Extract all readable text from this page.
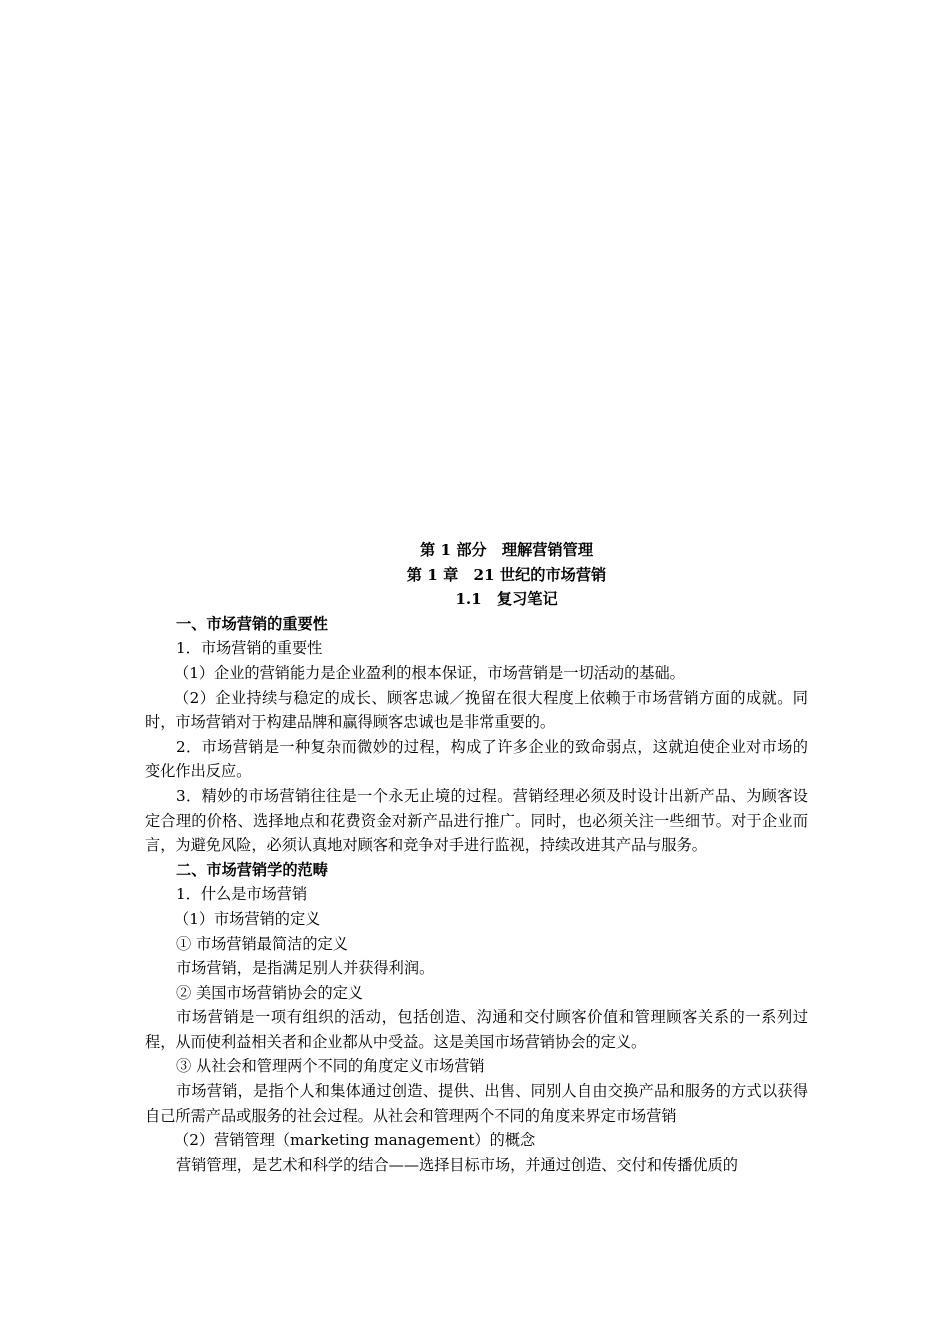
第 1 部分　理解营销管理
第 1 章　21 世纪的市场营销
1.1　复习笔记

一、市场营销的重要性

1．市场营销的重要性

（1）企业的营销能力是企业盈利的根本保证，市场营销是一切活动的基础。

（2）企业持续与稳定的成长、顾客忠诚／挽留在很大程度上依赖于市场营销方面的成就。同时，市场营销对于构建品牌和赢得顾客忠诚也是非常重要的。

2．市场营销是一种复杂而微妙的过程，构成了许多企业的致命弱点，这就迫使企业对市场的变化作出反应。

3．精妙的市场营销往往是一个永无止境的过程。营销经理必须及时设计出新产品、为顾客设定合理的价格、选择地点和花费资金对新产品进行推广。同时，也必须关注一些细节。对于企业而言，为避免风险，必须认真地对顾客和竞争对手进行监视，持续改进其产品与服务。

二、市场营销学的范畴

1．什么是市场营销

（1）市场营销的定义

① 市场营销最简洁的定义

市场营销，是指满足别人并获得利润。

② 美国市场营销协会的定义

市场营销是一项有组织的活动，包括创造、沟通和交付顾客价值和管理顾客关系的一系列过程，从而使利益相关者和企业都从中受益。这是美国市场营销协会的定义。

③ 从社会和管理两个不同的角度定义市场营销

市场营销，是指个人和集体通过创造、提供、出售、同别人自由交换产品和服务的方式以获得自己所需产品或服务的社会过程。从社会和管理两个不同的角度来界定市场营销

（2）营销管理（marketing management）的概念

营销管理，是艺术和科学的结合——选择目标市场，并通过创造、交付和传播优质的
